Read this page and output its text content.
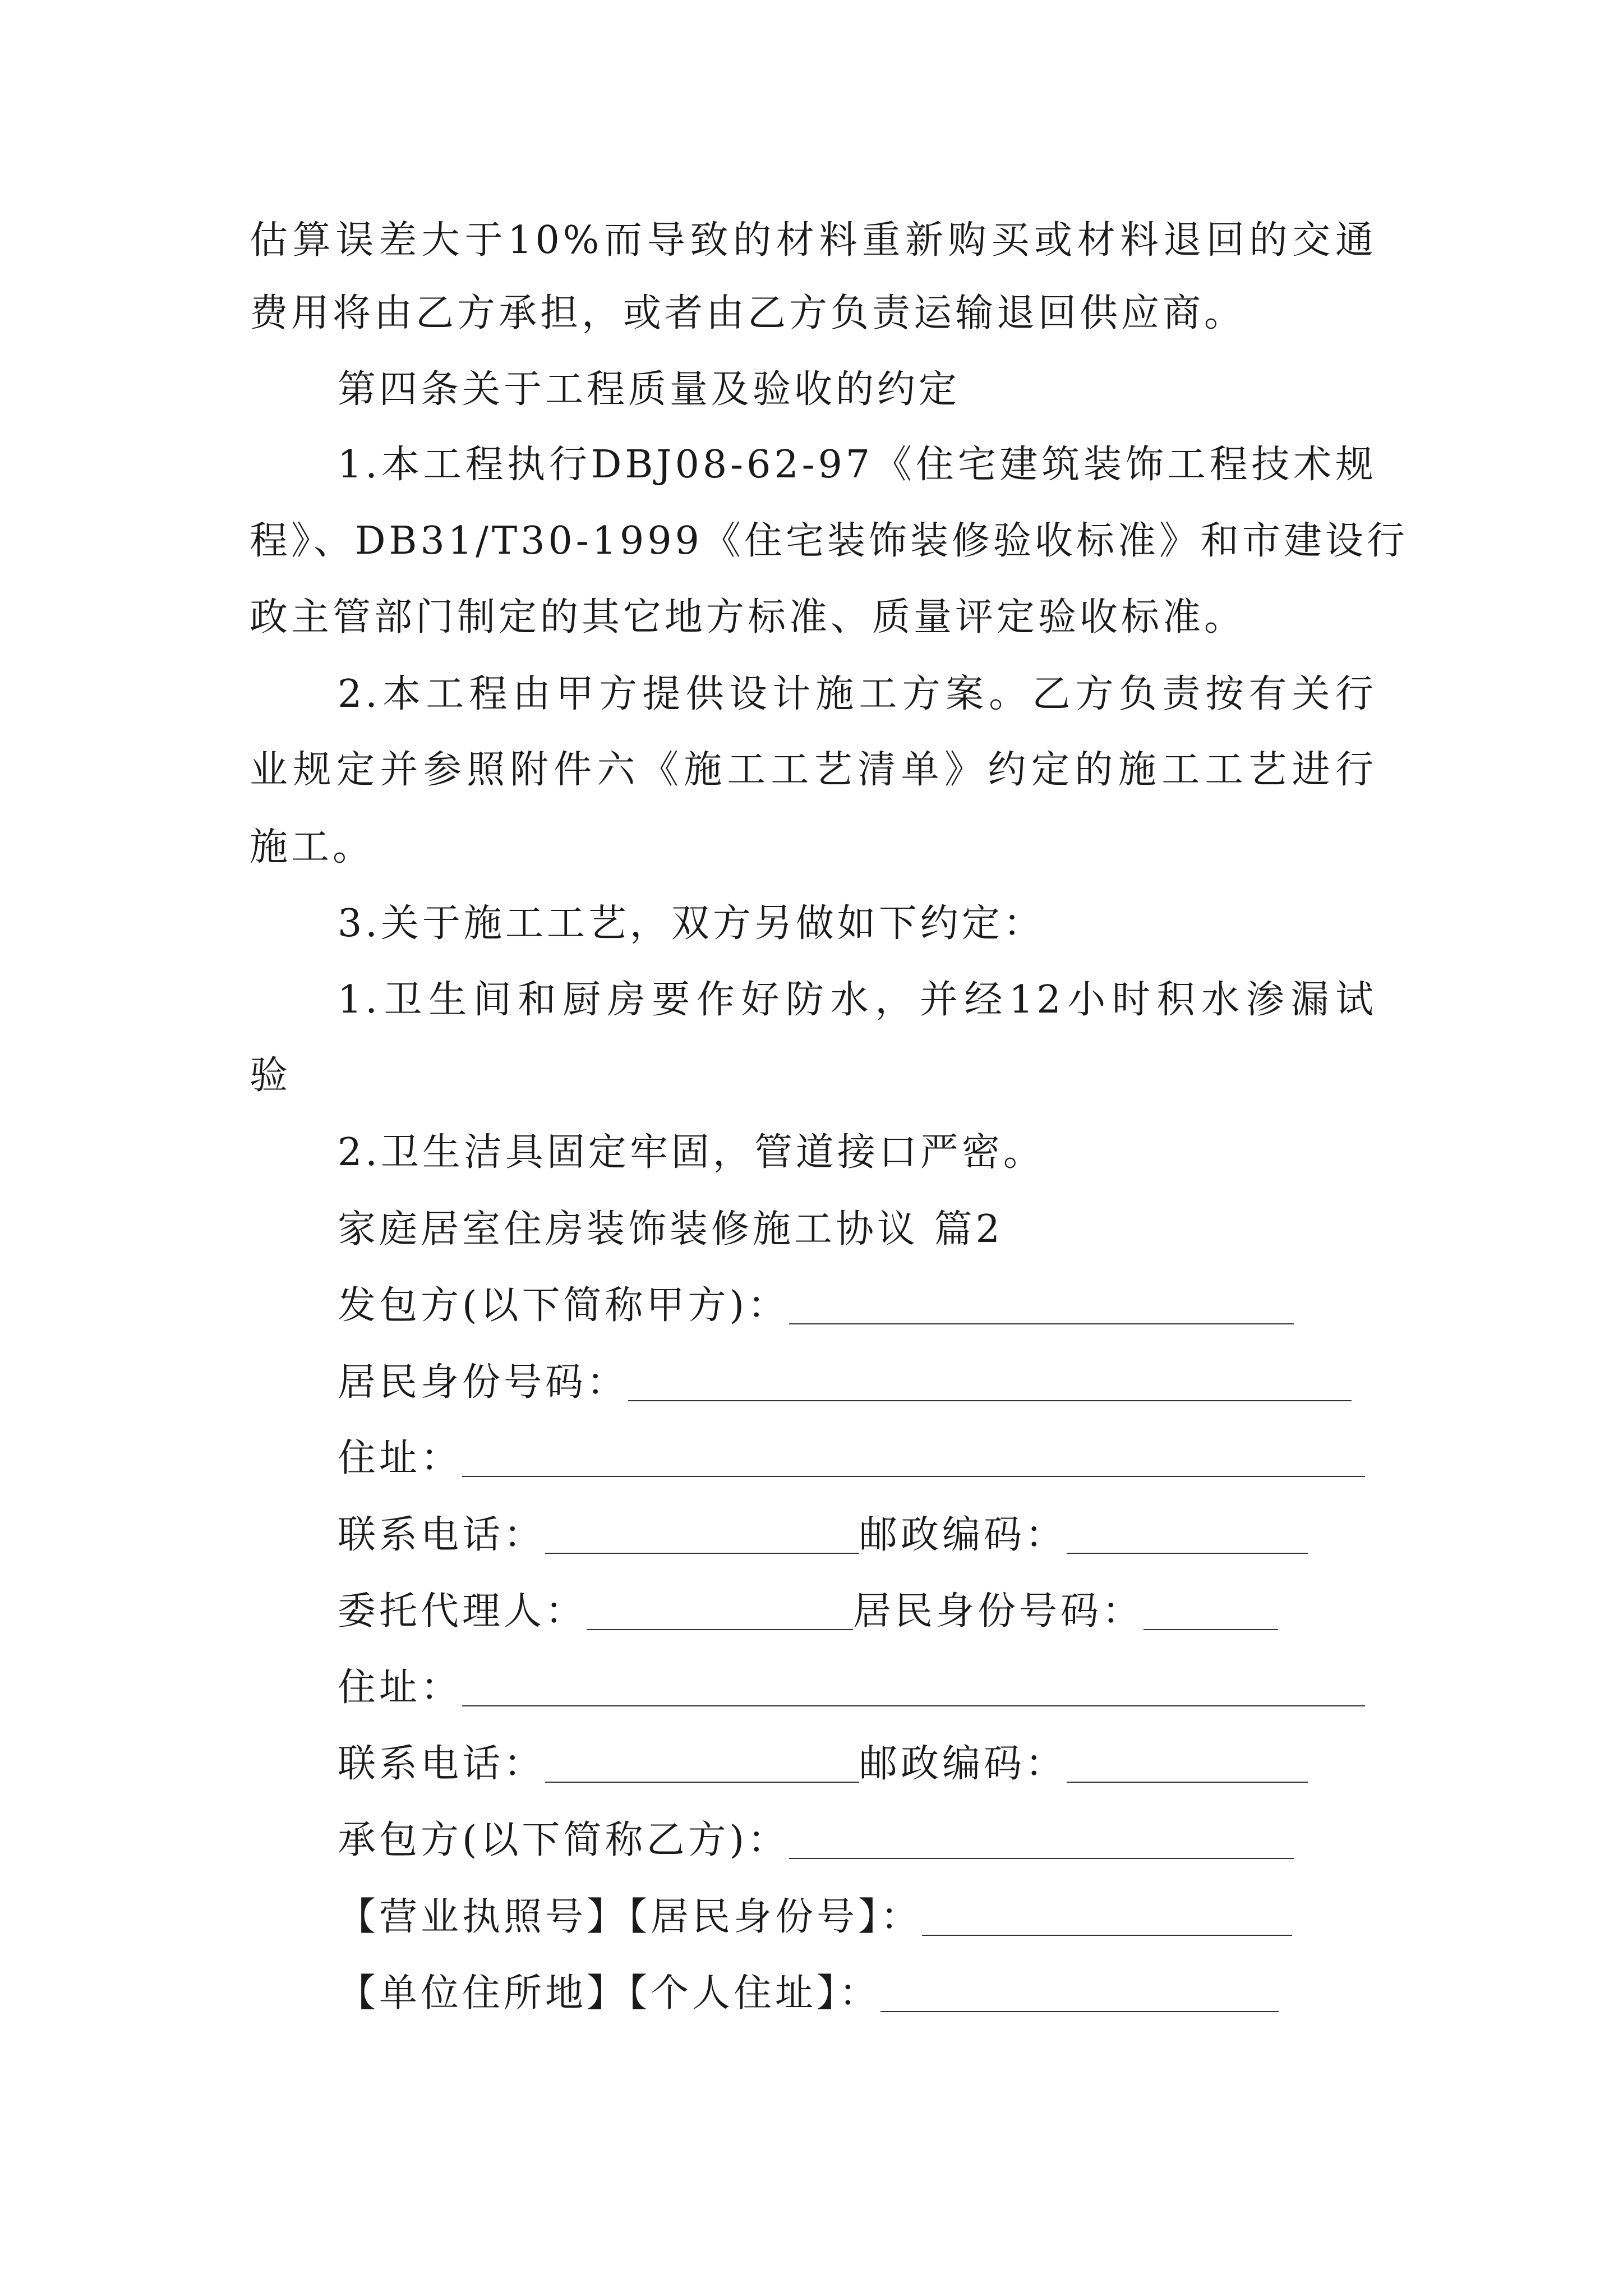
估算误差大于10%而导致的材料重新购买或材料退回的交通
费用将由乙方承担，或者由乙方负责运输退回供应商。
第四条关于工程质量及验收的约定
1.本工程执行DBJ08-62-97《住宅建筑装饰工程技术规
程》、DB31/T30-1999《住宅装饰装修验收标准》和市建设行
政主管部门制定的其它地方标准、质量评定验收标准。
2.本工程由甲方提供设计施工方案。乙方负责按有关行
业规定并参照附件六《施工工艺清单》约定的施工工艺进行
施工。
3.关于施工工艺，双方另做如下约定：
1.卫生间和厨房要作好防水，并经12小时积水渗漏试
验
2.卫生洁具固定牢固，管道接口严密。
家庭居室住房装饰装修施工协议 篇2
发包方(以下简称甲方)：
居民身份号码：
住址：
联系电话：	邮政编码：
委托代理人：	居民身份号码：
住址：
联系电话：	邮政编码：
承包方(以下简称乙方)：
【营业执照号】【居民身份号】：
【单位住所地】【个人住址】：
